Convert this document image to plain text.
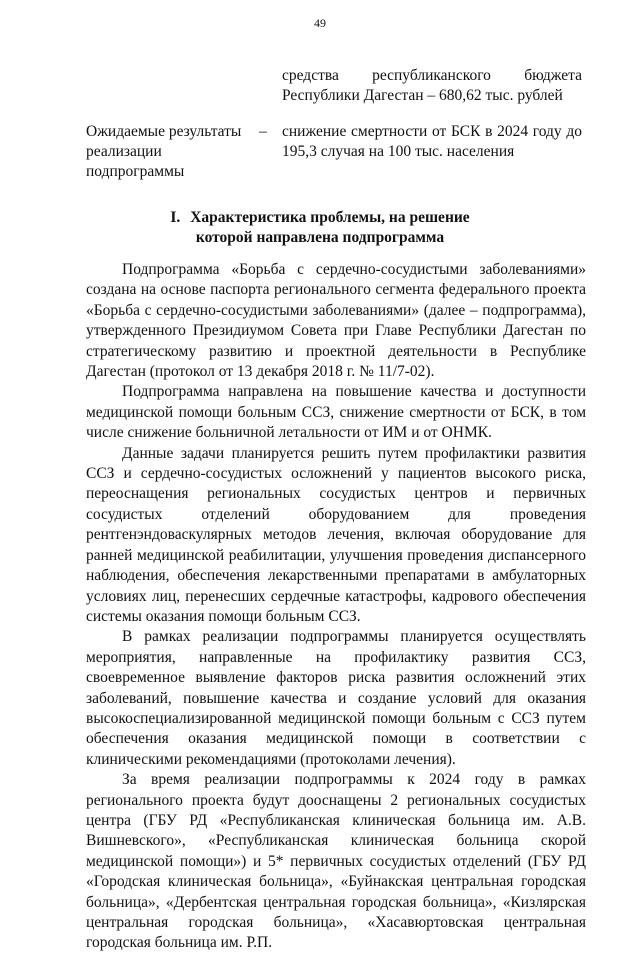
49
средства республиканского бюджета Республики Дагестан – 680,62 тыс. рублей
Ожидаемые результаты реализации подпрограммы
– снижение смертности от БСК в 2024 году до 195,3 случая на 100 тыс. населения
I. Характеристика проблемы, на решение
которой направлена подпрограмма

Подпрограмма «Борьба с сердечно-сосудистыми заболеваниями» создана на основе паспорта регионального сегмента федерального проекта «Борьба с сердечно-сосудистыми заболеваниями» (далее – подпрограмма), утвержденного Президиумом Совета при Главе Республики Дагестан по стратегическому развитию и проектной деятельности в Республике Дагестан (протокол от 13 декабря 2018 г. № 11/7-02).

Подпрограмма направлена на повышение качества и доступности медицинской помощи больным ССЗ, снижение смертности от БСК, в том числе снижение больничной летальности от ИМ и от ОНМК.

Данные задачи планируется решить путем профилактики развития ССЗ и сердечно-сосудистых осложнений у пациентов высокого риска, переоснащения региональных сосудистых центров и первичных сосудистых отделений оборудованием для проведения рентгенэндоваскулярных методов лечения, включая оборудование для ранней медицинской реабилитации, улучшения проведения диспансерного наблюдения, обеспечения лекарственными препаратами в амбулаторных условиях лиц, перенесших сердечные катастрофы, кадрового обеспечения системы оказания помощи больным ССЗ.

В рамках реализации подпрограммы планируется осуществлять мероприятия, направленные на профилактику развития ССЗ, своевременное выявление факторов риска развития осложнений этих заболеваний, повышение качества и создание условий для оказания высокоспециализированной медицинской помощи больным с ССЗ путем обеспечения оказания медицинской помощи в соответствии с клиническими рекомендациями (протоколами лечения).

За время реализации подпрограммы к 2024 году в рамках регионального проекта будут дооснащены 2 региональных сосудистых центра (ГБУ РД «Республиканская клиническая больница им. А.В. Вишневского», «Республиканская клиническая больница скорой медицинской помощи») и 5* первичных сосудистых отделений (ГБУ РД «Городская клиническая больница», «Буйнакская центральная городская больница», «Дербентская центральная городская больница», «Кизлярская центральная городская больница», «Хасавюртовская центральная городская больница им. Р.П.
